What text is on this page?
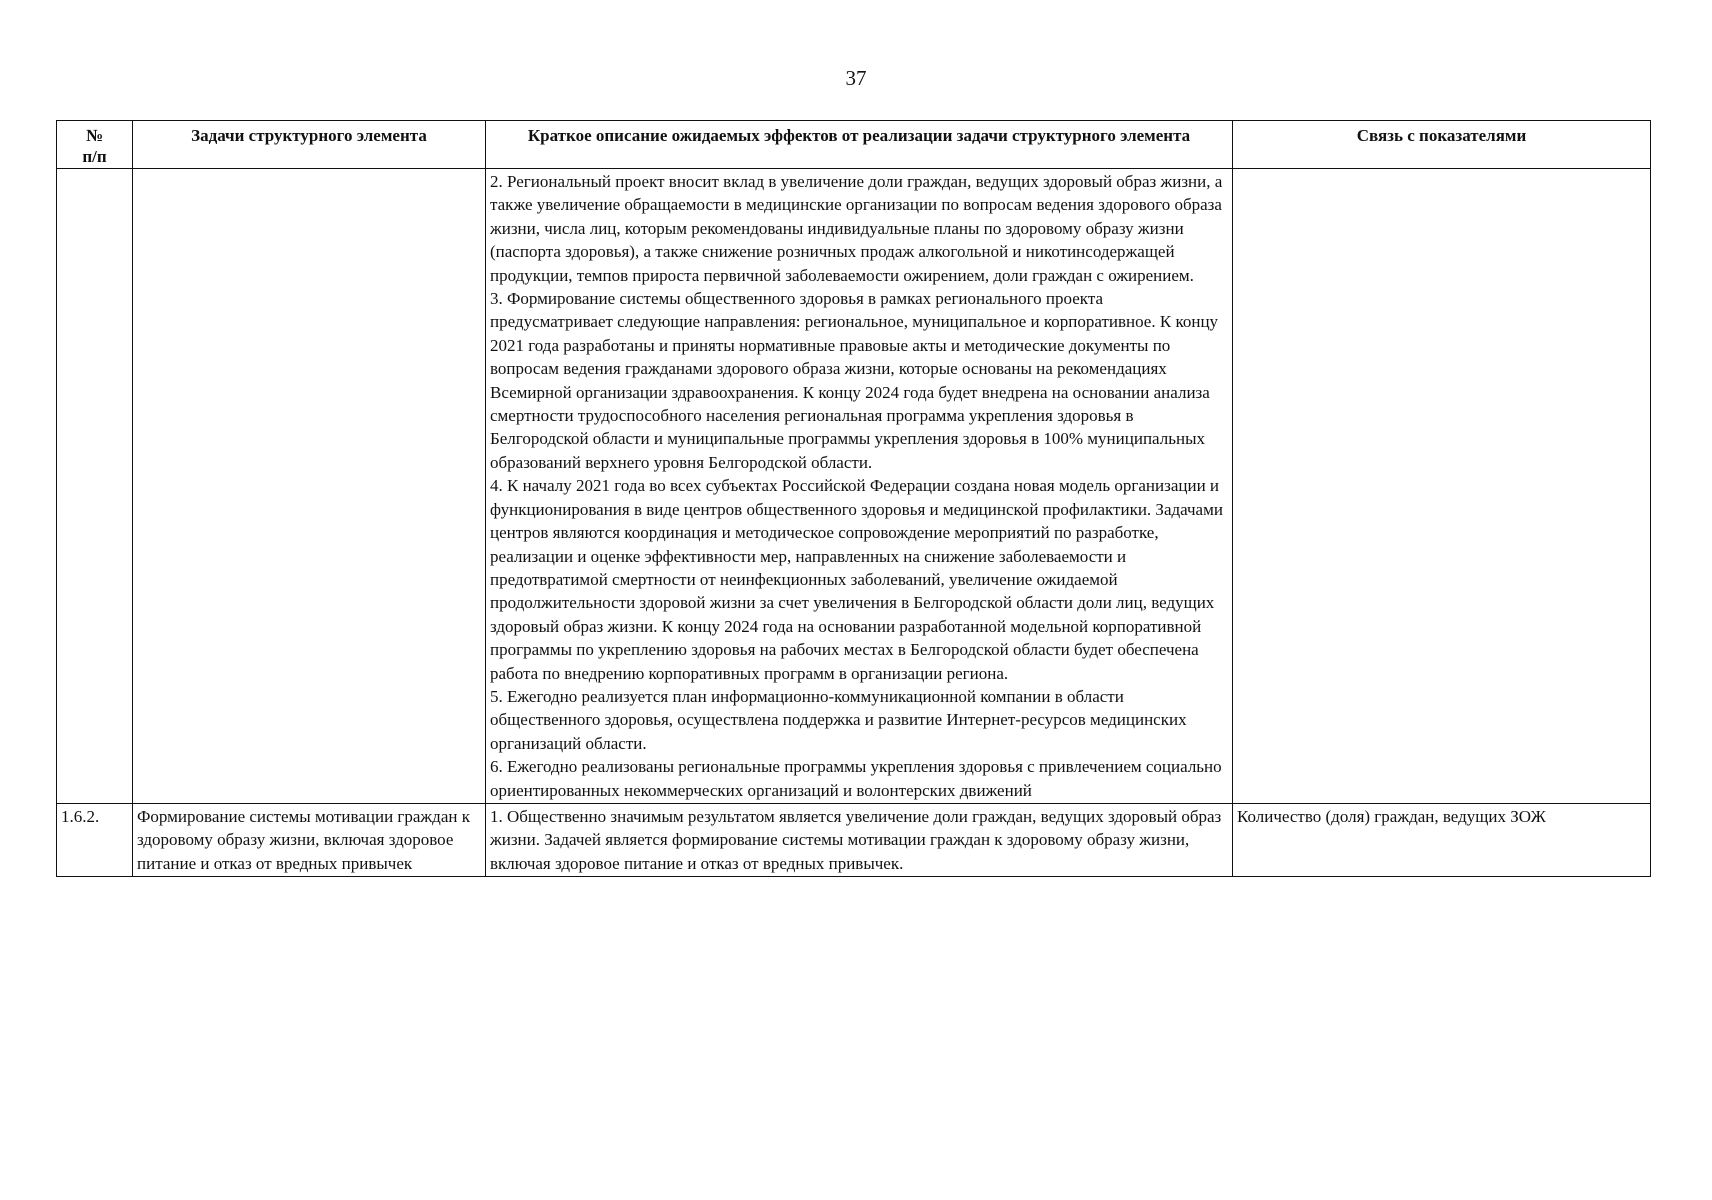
37
№
п/п	Задачи структурного элемента	Краткое описание ожидаемых эффектов от реализации задачи структурного элемента	Связь с показателями

		2. Региональный проект вносит вклад в увеличение доли граждан, ведущих здоровый образ жизни, а также увеличение обращаемости в медицинские организации по вопросам ведения здорового образа жизни, числа лиц, которым рекомендованы индивидуальные планы по здоровому образу жизни (паспорта здоровья), а также снижение розничных продаж алкогольной и никотинсодержащей продукции, темпов прироста первичной заболеваемости ожирением, доли граждан с ожирением.
3. Формирование системы общественного здоровья в рамках регионального проекта предусматривает следующие направления: региональное, муниципальное и корпоративное. К концу 2021 года разработаны и приняты нормативные правовые акты и методические документы по вопросам ведения гражданами здорового образа жизни, которые основаны на рекомендациях Всемирной организации здравоохранения. К концу 2024 года будет внедрена на основании анализа смертности трудоспособного населения региональная программа укрепления здоровья в Белгородской области и муниципальные программы укрепления здоровья в 100% муниципальных образований верхнего уровня Белгородской области.
4. К началу 2021 года во всех субъектах Российской Федерации создана новая модель организации и функционирования в виде центров общественного здоровья и медицинской профилактики. Задачами центров являются координация и методическое сопровождение мероприятий по разработке, реализации и оценке эффективности мер, направленных на снижение заболеваемости и предотвратимой смертности от неинфекционных заболеваний, увеличение ожидаемой продолжительности здоровой жизни за счет увеличения в Белгородской области доли лиц, ведущих здоровый образ жизни. К концу 2024 года на основании разработанной модельной корпоративной программы по укреплению здоровья на рабочих местах в Белгородской области будет обеспечена работа по внедрению корпоративных программ в организации региона.
5. Ежегодно реализуется план информационно-коммуникационной компании в области общественного здоровья, осуществлена поддержка и развитие Интернет-ресурсов медицинских организаций области.
6. Ежегодно реализованы региональные программы укрепления здоровья с привлечением социально ориентированных некоммерческих организаций и волонтерских движений	

1.6.2.	Формирование системы мотивации граждан к здоровому образу жизни, включая здоровое питание и отказ от вредных привычек	1. Общественно значимым результатом является увеличение доли граждан, ведущих здоровый образ жизни. Задачей является формирование системы мотивации граждан к здоровому образу жизни, включая здоровое питание и отказ от вредных привычек.	Количество (доля) граждан, ведущих ЗОЖ
